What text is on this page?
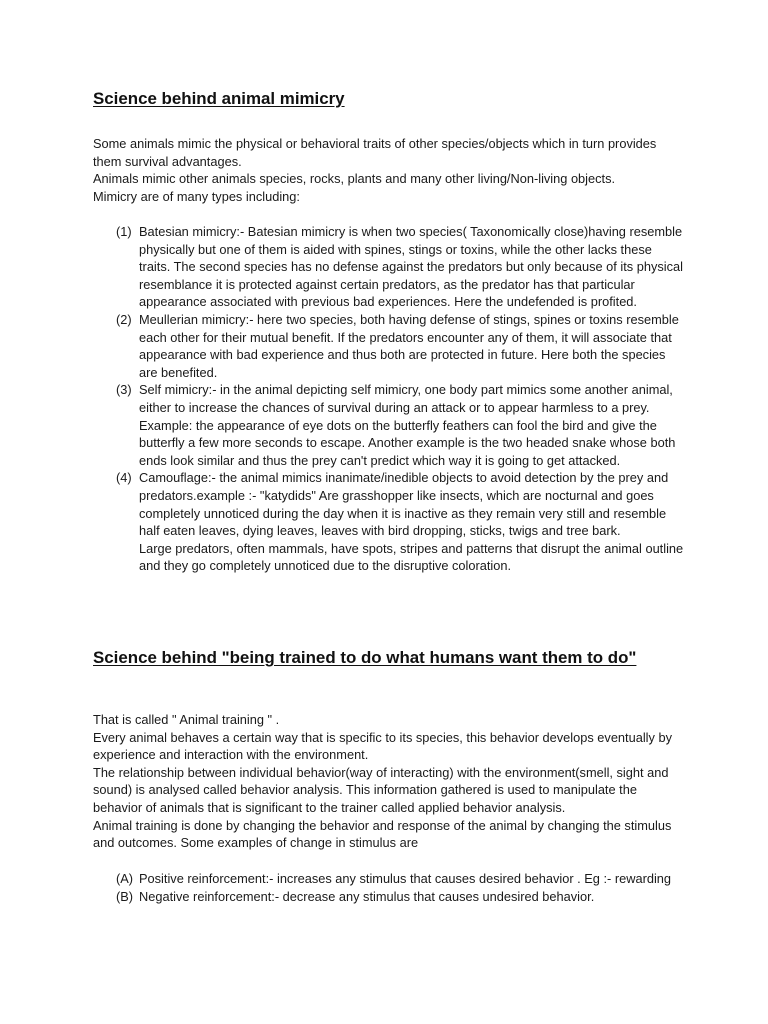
Science behind animal mimicry
Some animals mimic the physical or behavioral traits of other species/objects which in turn provides them survival advantages.
Animals mimic other animals species, rocks, plants and many other living/Non-living objects.
Mimicry are of many types including:
(1) Batesian mimicry:- Batesian mimicry is when two species( Taxonomically close)having resemble physically but one of them is aided with spines, stings or toxins, while the other lacks these traits. The second species has no defense against the predators but only because of its physical resemblance it is protected against certain predators, as the predator has that particular appearance associated with previous bad experiences. Here the undefended is profited.
(2) Meullerian mimicry:- here two species, both having defense of stings, spines or toxins resemble each other for their mutual benefit. If the predators encounter any of them, it will associate that appearance with bad experience and thus both are protected in future. Here both the species are benefited.
(3) Self mimicry:- in the animal depicting self mimicry, one body part mimics some another animal, either to increase the chances of survival during an attack or to appear harmless to a prey. Example: the appearance of eye dots on the butterfly feathers can fool the bird and give the butterfly a few more seconds to escape. Another example is the two headed snake whose both ends look similar and thus the prey can't predict which way it is going to get attacked.
(4) Camouflage:- the animal mimics inanimate/inedible objects to avoid detection by the prey and predators.example :- "katydids" Are grasshopper like insects, which are nocturnal and goes completely unnoticed during the day when it is inactive as they remain very still and resemble half eaten leaves, dying leaves, leaves with bird dropping, sticks, twigs and tree bark.
Large predators, often mammals, have spots, stripes and patterns that disrupt the animal outline and they go completely unnoticed due to the disruptive coloration.
Science behind "being trained to do what humans want them to do"
That is called " Animal training " .
Every animal behaves a certain way that is specific to its species, this behavior develops eventually by experience and interaction with the environment.
The relationship between individual behavior(way of interacting) with the environment(smell, sight and sound) is analysed called behavior analysis. This information gathered is used to manipulate the behavior of animals that is significant to the trainer called applied behavior analysis.
Animal training is done by changing the behavior and response of the animal by changing the stimulus and outcomes. Some examples of change in stimulus are
(A) Positive reinforcement:- increases any stimulus that causes desired behavior . Eg :- rewarding
(B) Negative reinforcement:- decrease any stimulus that causes undesired behavior.
